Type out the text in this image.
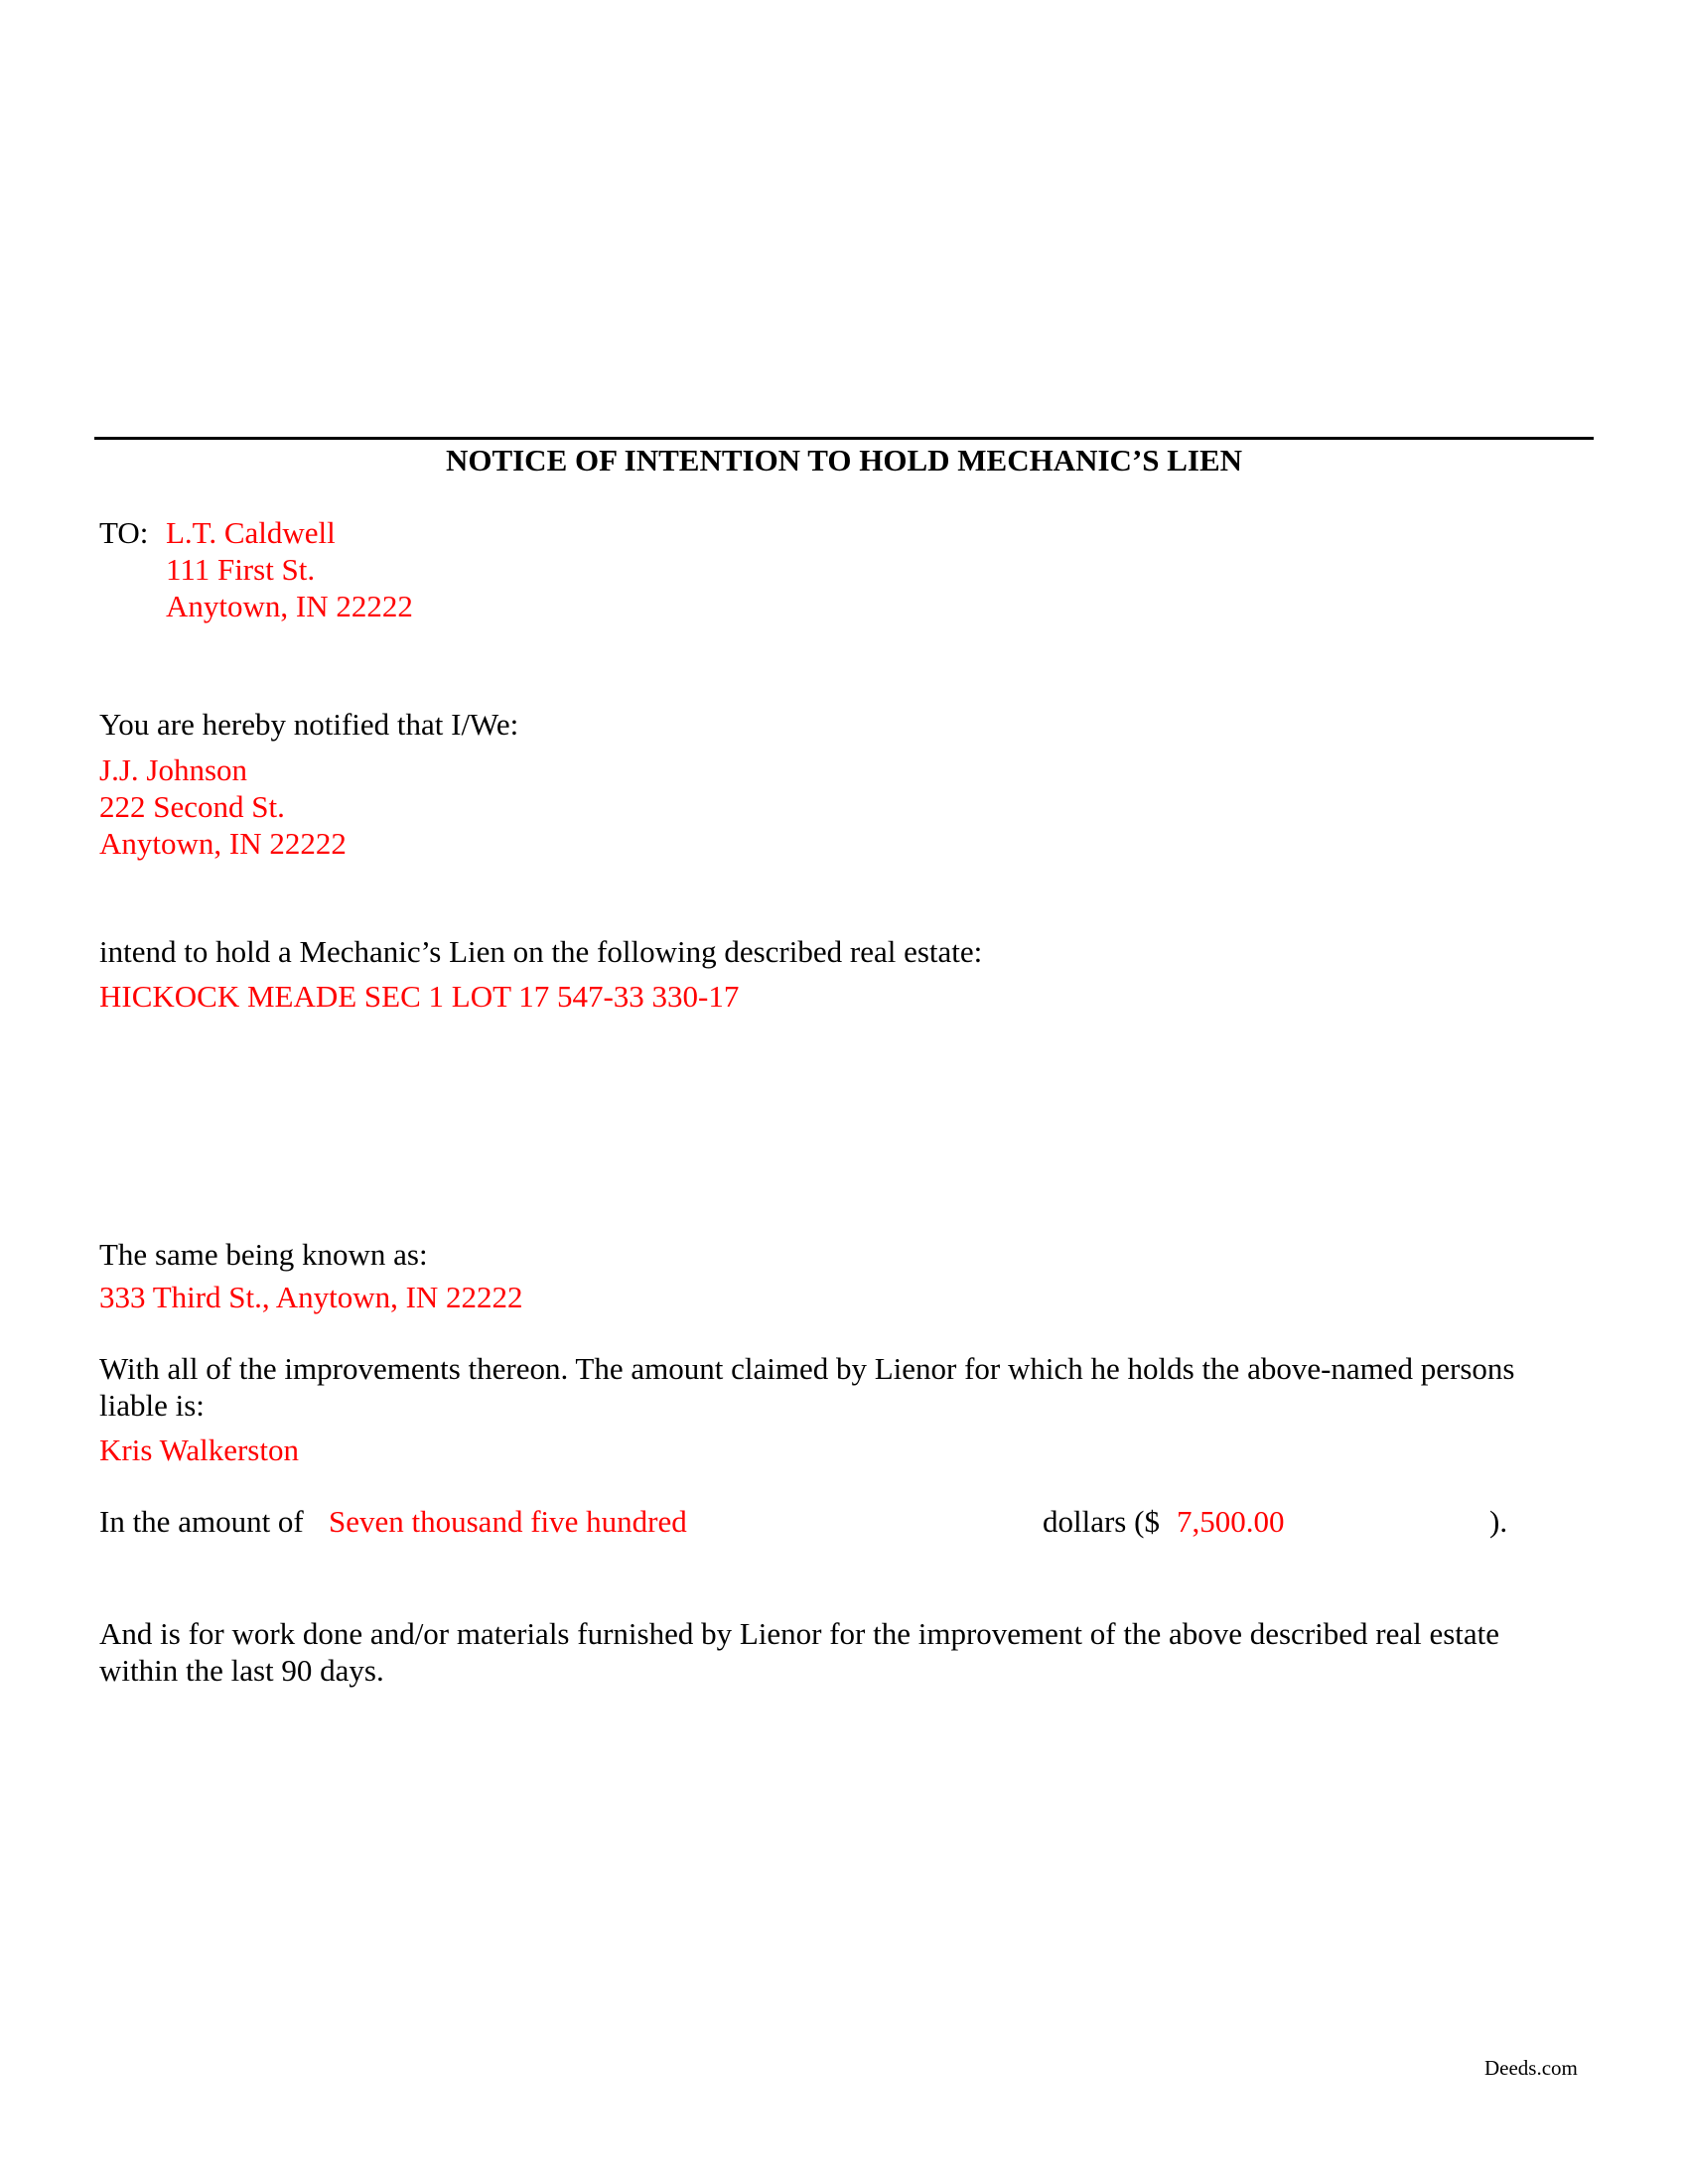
NOTICE OF INTENTION TO HOLD MECHANIC’S LIEN
TO: L.T. Caldwell
111 First St.
Anytown, IN 22222
You are hereby notified that I/We:
J.J. Johnson
222 Second St.
Anytown, IN 22222
intend to hold a Mechanic’s Lien on the following described real estate:
HICKOCK MEADE SEC 1 LOT 17 547-33 330-17
The same being known as:
333 Third St., Anytown, IN 22222
With all of the improvements thereon. The amount claimed by Lienor for which he holds the above-named persons liable is:
Kris Walkerston
In the amount of Seven thousand five hundred	dollars ($ 7,500.00	).
And is for work done and/or materials furnished by Lienor for the improvement of the above described real estate within the last 90 days.
Deeds.com
